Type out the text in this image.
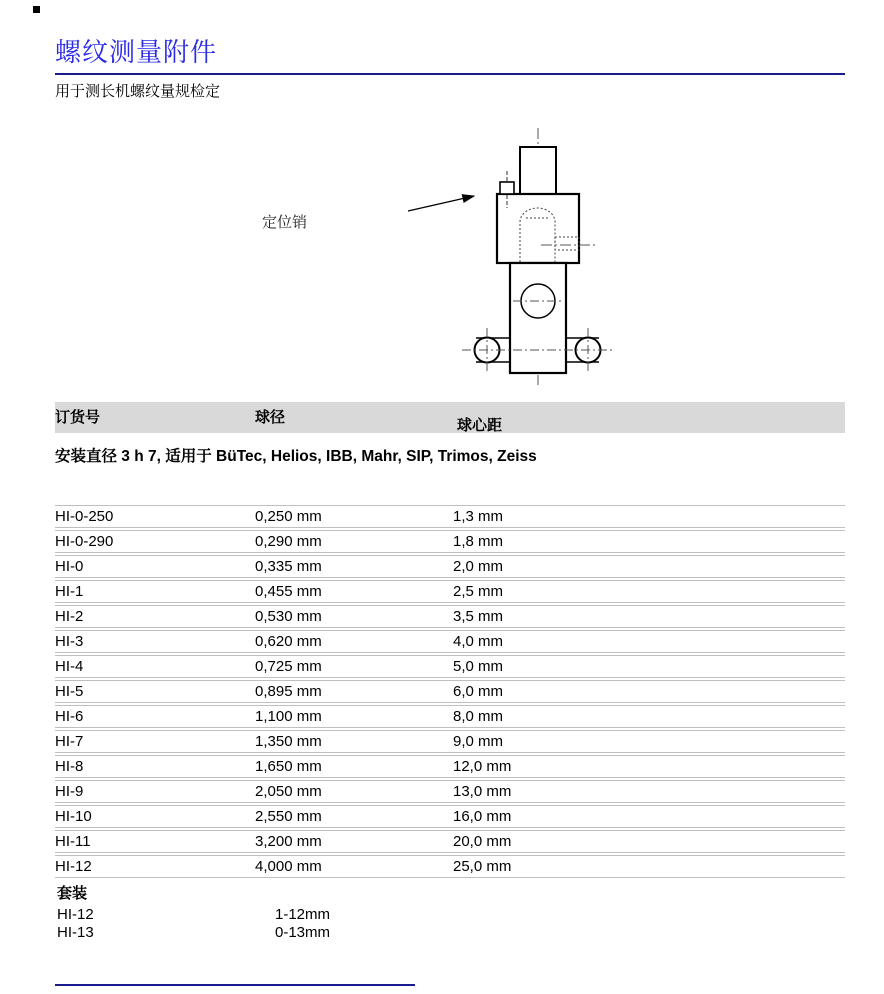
螺纹测量附件
用于测长机螺纹量规检定
定位销
订货号	球径	球心距
安装直径 3 h 7, 适用于 BüTec, Helios, IBB, Mahr, SIP, Trimos, Zeiss
HI-0-250	0,250 mm	1,3 mm
HI-0-290	0,290 mm	1,8 mm
HI-0	0,335 mm	2,0 mm
HI-1	0,455 mm	2,5 mm
HI-2	0,530 mm	3,5 mm
HI-3	0,620 mm	4,0 mm
HI-4	0,725 mm	5,0 mm
HI-5	0,895 mm	6,0 mm
HI-6	1,100 mm	8,0 mm
HI-7	1,350 mm	9,0 mm
HI-8	1,650 mm	12,0 mm
HI-9	2,050 mm	13,0 mm
HI-10	2,550 mm	16,0 mm
HI-11	3,200 mm	20,0 mm
HI-12	4,000 mm	25,0 mm
套装
HI-12	1-12mm
HI-13	0-13mm
